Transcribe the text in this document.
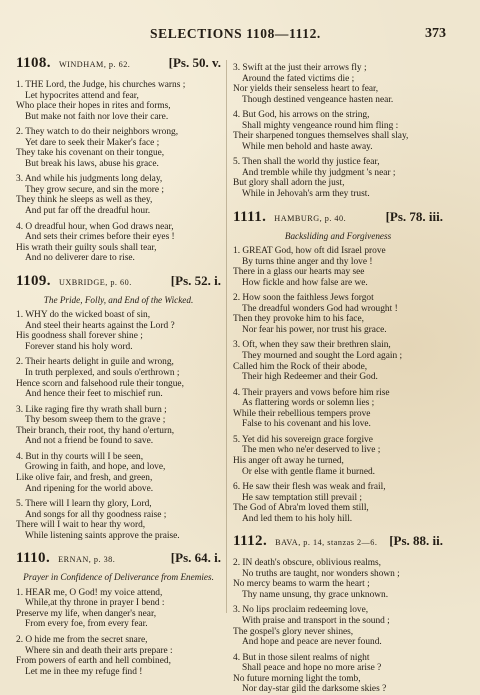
SELECTIONS 1108—1112.	373
1108. WINDHAM, p. 62.	[Ps. 50. v.
1. THE Lord, the Judge, his churches warns ;
Let hypocrites attend and fear,
Who place their hopes in rites and forms,
But make not faith nor love their care.
2. They watch to do their neighbors wrong,
Yet dare to seek their Maker's face ;
They take his covenant on their tongue,
But break his laws, abuse his grace.
3. And while his judgments long delay,
They grow secure, and sin the more ;
They think he sleeps as well as they,
And put far off the dreadful hour.
4. O dreadful hour, when God draws near,
And sets their crimes before their eyes !
His wrath their guilty souls shall tear,
And no deliverer dare to rise.
1109. UXBRIDGE, p. 60.	[Ps. 52. i.
The Pride, Folly, and End of the Wicked.
1. WHY do the wicked boast of sin,
And steel their hearts against the Lord ?
His goodness shall forever shine ;
Forever stand his holy word.
2. Their hearts delight in guile and wrong,
In truth perplexed, and souls o'erthrown ;
Hence scorn and falsehood rule their tongue,
And hence their feet to mischief run.
3. Like raging fire thy wrath shall burn ;
Thy besom sweep them to the grave ;
Their branch, their root, thy hand o'erturn,
And not a friend be found to save.
4. But in thy courts will I be seen,
Growing in faith, and hope, and love,
Like olive fair, and fresh, and green,
And ripening for the world above.
5. There will I learn thy glory, Lord,
And songs for all thy goodness raise ;
There will I wait to hear thy word,
While listening saints approve the praise.
1110. ERNAN, p. 38.	[Ps. 64. i.
Prayer in Confidence of Deliverance from Enemies.
1. HEAR me, O God! my voice attend,
While,at thy throne in prayer I bend :
Preserve my life, when danger's near,
From every foe, from every fear.
2. O hide me from the secret snare,
Where sin and death their arts prepare :
From powers of earth and hell combined,
Let me in thee my refuge find !
3. Swift at the just their arrows fly ;
Around the fated victims die ;
Nor yields their senseless heart to fear,
Though destined vengeance hasten near.
4. But God, his arrows on the string,
Shall mighty vengeance round him fling :
Their sharpened tongues themselves shall slay,
While men behold and haste away.
5. Then shall the world thy justice fear,
And tremble while thy judgment 's near ;
But glory shall adorn the just,
While in Jehovah's arm they trust.
1111. HAMBURG, p. 40.	[Ps. 78. iii.
Backsliding and Forgiveness
1. GREAT God, how oft did Israel prove
By turns thine anger and thy love !
There in a glass our hearts may see
How fickle and how false are we.
2. How soon the faithless Jews forgot
The dreadful wonders God had wrought !
Then they provoke him to his face,
Nor fear his power, nor trust his grace.
3. Oft, when they saw their brethren slain,
They mourned and sought the Lord again ;
Called him the Rock of their abode,
Their high Redeemer and their God.
4. Their prayers and vows before him rise
As flattering words or solemn lies ;
While their rebellious tempers prove
False to his covenant and his love.
5. Yet did his sovereign grace forgive
The men who ne'er deserved to live ;
His anger oft away he turned,
Or else with gentle flame it burned.
6. He saw their flesh was weak and frail,
He saw temptation still prevail ;
The God of Abra'm loved them still,
And led them to his holy hill.
1112. BAVA, p. 14, stanzas 2—6. [Ps. 88. ii.
2. IN death's obscure, oblivious realms,
No truths are taught, nor wonders shown ;
No mercy beams to warm the heart ;
Thy name unsung, thy grace unknown.
3. No lips proclaim redeeming love,
With praise and transport in the sound ;
The gospel's glory never shines,
And hope and peace are never found.
4. But in those silent realms of night
Shall peace and hope no more arise ?
No future morning light the tomb,
Nor day-star gild the darksome skies ?
